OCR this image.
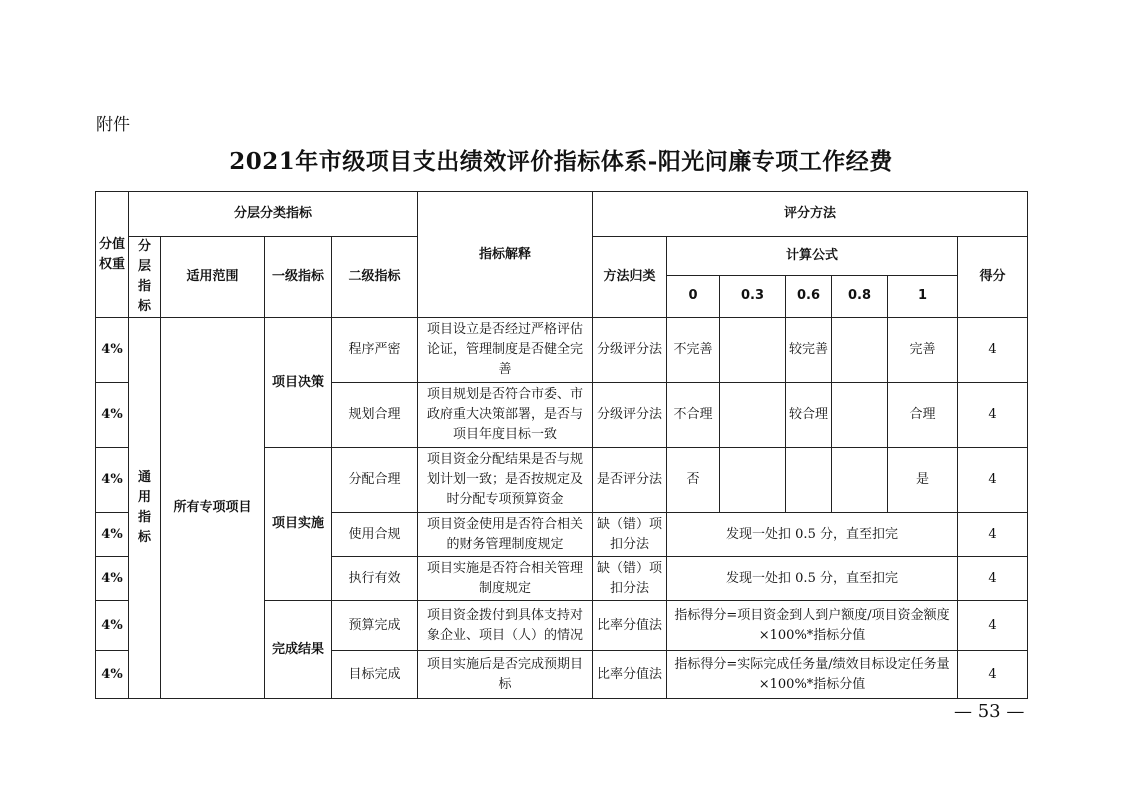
附件
2021年市级项目支出绩效评价指标体系-阳光问廉专项工作经费
分值权重	分层分类指标				指标解释	评分方法						
	分层指标	适用范围	一级指标	二级指标		方法归类	计算公式					得分
							0	0.3	0.6	0.8	1	
4%	通用指标	所有专项项目	项目决策	程序严密	项目设立是否经过严格评估论证，管理制度是否健全完善	分级评分法	不完善		较完善		完善	4
4%				规划合理	项目规划是否符合市委、市政府重大决策部署，是否与项目年度目标一致	分级评分法	不合理		较合理		合理	4
4%			项目实施	分配合理	项目资金分配结果是否与规划计划一致；是否按规定及时分配专项预算资金	是否评分法	否				是	4
4%				使用合规	项目资金使用是否符合相关的财务管理制度规定	缺（错）项扣分法	发现一处扣 0.5 分，直至扣完					4
4%				执行有效	项目实施是否符合相关管理制度规定	缺（错）项扣分法	发现一处扣 0.5 分，直至扣完					4
4%			完成结果	预算完成	项目资金拨付到具体支持对象企业、项目（人）的情况	比率分值法	指标得分=项目资金到人到户额度/项目资金额度×100%*指标分值					4
4%				目标完成	项目实施后是否完成预期目标	比率分值法	指标得分=实际完成任务量/绩效目标设定任务量×100%*指标分值					4
— 53 —
